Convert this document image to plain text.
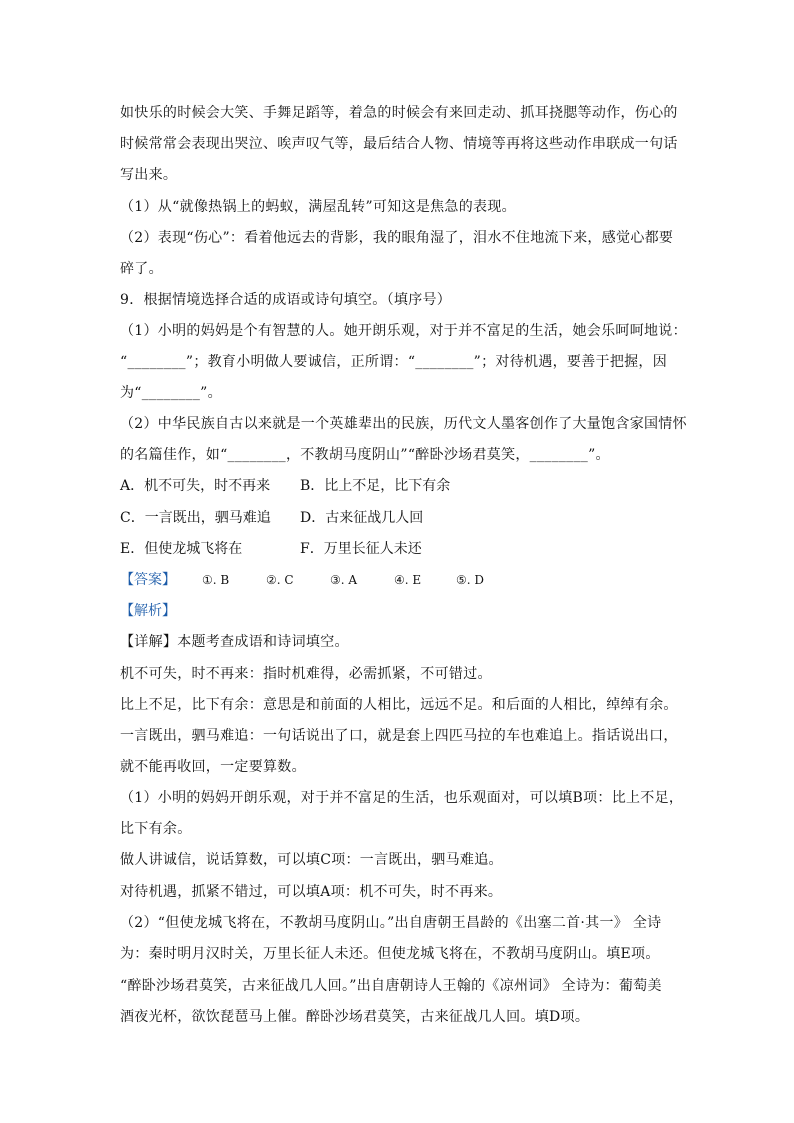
如快乐的时候会大笑、手舞足蹈等，着急的时候会有来回走动、抓耳挠腮等动作，伤心的
时候常常会表现出哭泣、唉声叹气等，最后结合人物、情境等再将这些动作串联成一句话
写出来。
（1）从“就像热锅上的蚂蚁，满屋乱转”可知这是焦急的表现。
（2）表现“伤心”：看着他远去的背影，我的眼角湿了，泪水不住地流下来，感觉心都要
碎了。
9．根据情境选择合适的成语或诗句填空。（填序号）
（1）小明的妈妈是个有智慧的人。她开朗乐观，对于并不富足的生活，她会乐呵呵地说：
“________”；教育小明做人要诚信，正所谓：“________”；对待机遇，要善于把握，因
为“________”。
（2）中华民族自古以来就是一个英雄辈出的民族，历代文人墨客创作了大量饱含家国情怀
的名篇佳作，如“________，不教胡马度阴山”“醉卧沙场君莫笑，________”。
A．机不可失，时不再来 B．比上不足，比下有余
C．一言既出，驷马难追 D．古来征战几人回
E．但使龙城飞将在	F．万里长征人未还
【答案】 ①. B	②. C	③. A	④. E	⑤. D
【解析】
【详解】本题考查成语和诗词填空。
机不可失，时不再来：指时机难得，必需抓紧，不可错过。
比上不足，比下有余：意思是和前面的人相比，远远不足。和后面的人相比，绰绰有余。
一言既出，驷马难追：一句话说出了口，就是套上四匹马拉的车也难追上。指话说出口，
就不能再收回，一定要算数。
（1）小明的妈妈开朗乐观，对于并不富足的生活，也乐观面对，可以填B项：比上不足，
比下有余。
做人讲诚信，说话算数，可以填C项：一言既出，驷马难追。
对待机遇，抓紧不错过，可以填A项：机不可失，时不再来。
（2）“但使龙城飞将在，不教胡马度阴山。”出自唐朝王昌龄的《出塞二首·其一》 全诗
为：秦时明月汉时关，万里长征人未还。但使龙城飞将在，不教胡马度阴山。填E项。
“醉卧沙场君莫笑，古来征战几人回。”出自唐朝诗人王翰的《凉州词》 全诗为：葡萄美
酒夜光杯，欲饮琵琶马上催。醉卧沙场君莫笑，古来征战几人回。填D项。
